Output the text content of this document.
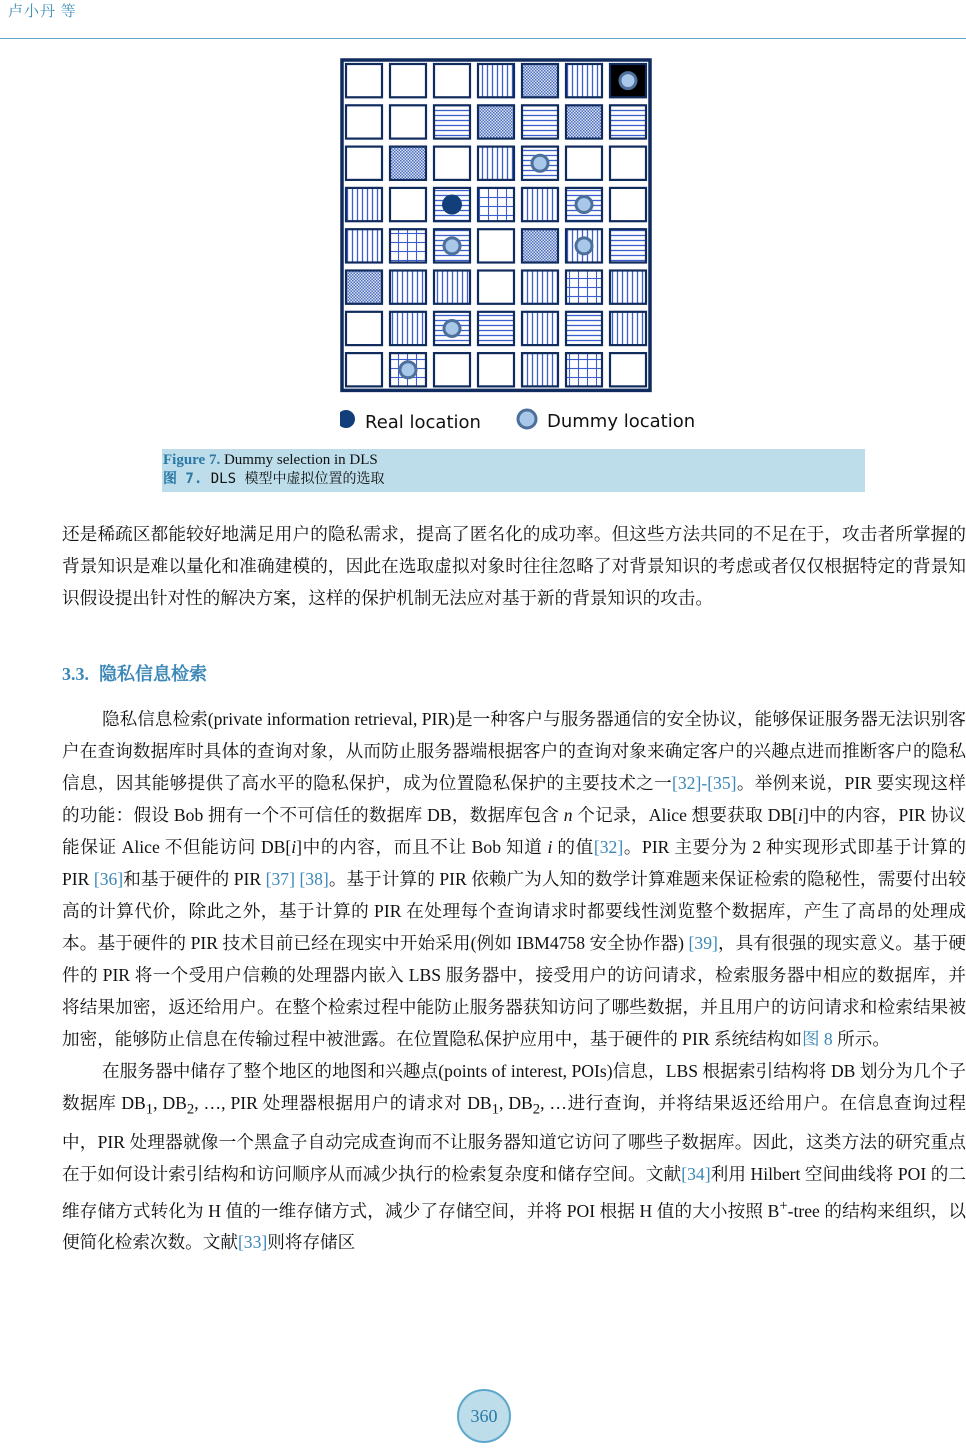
卢小丹 等
Real location	Dummy location
Figure 7. Dummy selection in DLS
图 7. DLS 模型中虚拟位置的选取

还是稀疏区都能较好地满足用户的隐私需求，提高了匿名化的成功率。但这些方法共同的不足在于，攻击者所掌握的背景知识是难以量化和准确建模的，因此在选取虚拟对象时往往忽略了对背景知识的考虑或者仅仅根据特定的背景知识假设提出针对性的解决方案，这样的保护机制无法应对基于新的背景知识的攻击。

3.3. 隐私信息检索

隐私信息检索(private information retrieval, PIR)是一种客户与服务器通信的安全协议，能够保证服务器无法识别客户在查询数据库时具体的查询对象，从而防止服务器端根据客户的查询对象来确定客户的兴趣点进而推断客户的隐私信息，因其能够提供了高水平的隐私保护，成为位置隐私保护的主要技术之一[32]-[35]。举例来说，PIR 要实现这样的功能：假设 Bob 拥有一个不可信任的数据库 DB，数据库包含 n 个记录，Alice 想要获取 DB[i]中的内容，PIR 协议能保证 Alice 不但能访问 DB[i]中的内容，而且不让 Bob 知道 i 的值[32]。PIR 主要分为 2 种实现形式即基于计算的 PIR [36]和基于硬件的 PIR [37] [38]。基于计算的 PIR 依赖广为人知的数学计算难题来保证检索的隐秘性，需要付出较高的计算代价，除此之外，基于计算的 PIR 在处理每个查询请求时都要线性浏览整个数据库，产生了高昂的处理成本。基于硬件的 PIR 技术目前已经在现实中开始采用(例如 IBM4758 安全协作器) [39]，具有很强的现实意义。基于硬件的 PIR 将一个受用户信赖的处理器内嵌入 LBS 服务器中，接受用户的访问请求，检索服务器中相应的数据库，并将结果加密，返还给用户。在整个检索过程中能防止服务器获知访问了哪些数据，并且用户的访问请求和检索结果被加密，能够防止信息在传输过程中被泄露。在位置隐私保护应用中，基于硬件的 PIR 系统结构如图 8 所示。

在服务器中储存了整个地区的地图和兴趣点(points of interest, POIs)信息，LBS 根据索引结构将 DB 划分为几个子数据库 $DB_1$, $DB_2$, …, PIR 处理器根据用户的请求对 $DB_1$, $DB_2$, …进行查询，并将结果返还给用户。在信息查询过程中，PIR 处理器就像一个黑盒子自动完成查询而不让服务器知道它访问了哪些子数据库。因此，这类方法的研究重点在于如何设计索引结构和访问顺序从而减少执行的检索复杂度和储存空间。文献[34]利用 Hilbert 空间曲线将 POI 的二维存储方式转化为 H 值的一维存储方式，减少了存储空间，并将 POI 根据 H 值的大小按照 B+-tree 的结构来组织，以便简化检索次数。文献[33]则将存储区

360
